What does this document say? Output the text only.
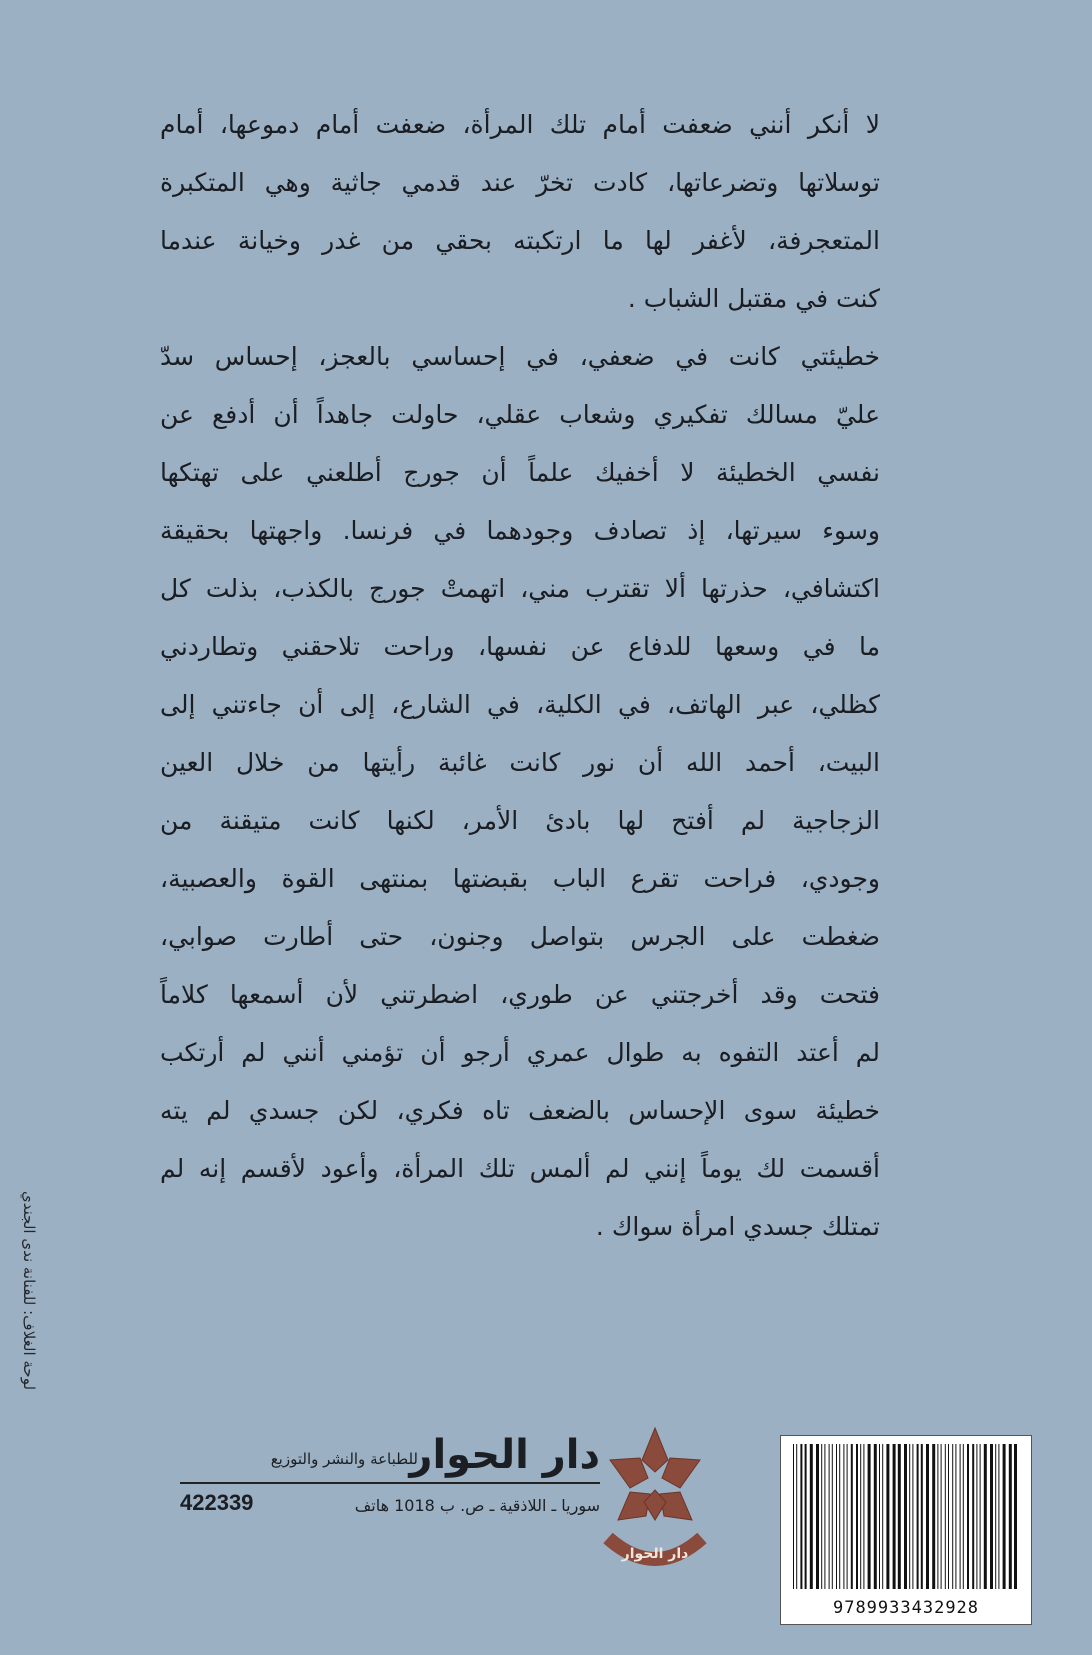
لا أنكر أنني ضعفت أمام تلك المرأة، ضعفت أمام دموعها، أمام
توسلاتها وتضرعاتها، كادت تخرّ عند قدمي جاثية وهي المتكبرة
المتعجرفة، لأغفر لها ما ارتكبته بحقي من غدر وخيانة عندما
كنت في مقتبل الشباب .
خطيئتي كانت في ضعفي، في إحساسي بالعجز، إحساس سدّ
عليّ مسالك تفكيري وشعاب عقلي، حاولت جاهداً أن أدفع عن
نفسي الخطيئة لا أخفيك علماً أن جورج أطلعني على تهتكها
وسوء سيرتها، إذ تصادف وجودهما في فرنسا. واجهتها بحقيقة
اكتشافي، حذرتها ألا تقترب مني، اتهمتْ جورج بالكذب، بذلت كل
ما في وسعها للدفاع عن نفسها، وراحت تلاحقني وتطاردني
كظلي، عبر الهاتف، في الكلية، في الشارع، إلى أن جاءتني إلى
البيت، أحمد الله أن نور كانت غائبة رأيتها من خلال العين
الزجاجية لم أفتح لها بادئ الأمر، لكنها كانت متيقنة من
وجودي، فراحت تقرع الباب بقبضتها بمنتهى القوة والعصبية،
ضغطت على الجرس بتواصل وجنون، حتى أطارت صوابي،
فتحت وقد أخرجتني عن طوري، اضطرتني لأن أسمعها كلاماً
لم أعتد التفوه به طوال عمري أرجو أن تؤمني أنني لم أرتكب
خطيئة سوى الإحساس بالضعف تاه فكري، لكن جسدي لم يته
أقسمت لك يوماً إنني لم ألمس تلك المرأة، وأعود لأقسم إنه لم
تمتلك جسدي امرأة سواك .
لوحة الغلاف: للفنانة ندى الجندي
دار الحوار
للطباعة والنشر والتوزيع
سوريا ـ اللاذقية ـ ص. ب 1018 هاتف
422339
دار الحوار
9789933432928
